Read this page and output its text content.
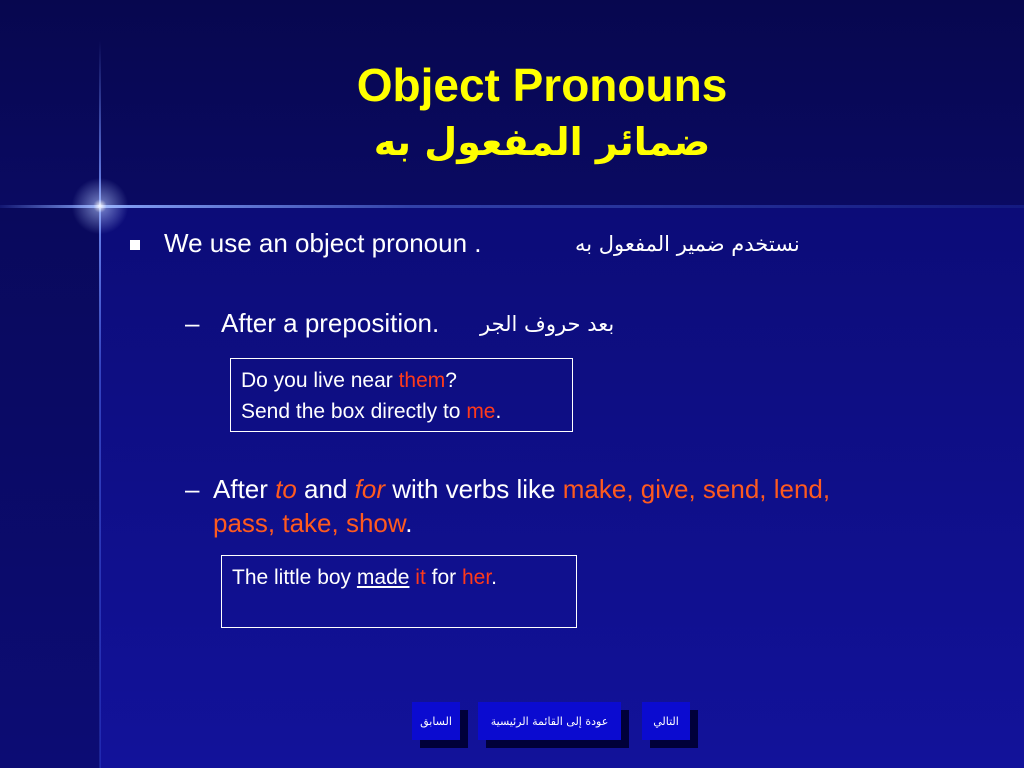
Object Pronouns
ضمائر المفعول به
We use an object pronoun .	نستخدم ضمير المفعول به
– After a preposition. بعد حروف الجر
Do you live near them?
Send the box directly to me.
– After to and for with verbs like make, give, send, lend,
pass, take, show.
The little boy made it for her.
السابق	عودة إلى القائمة الرئيسية	التالي
